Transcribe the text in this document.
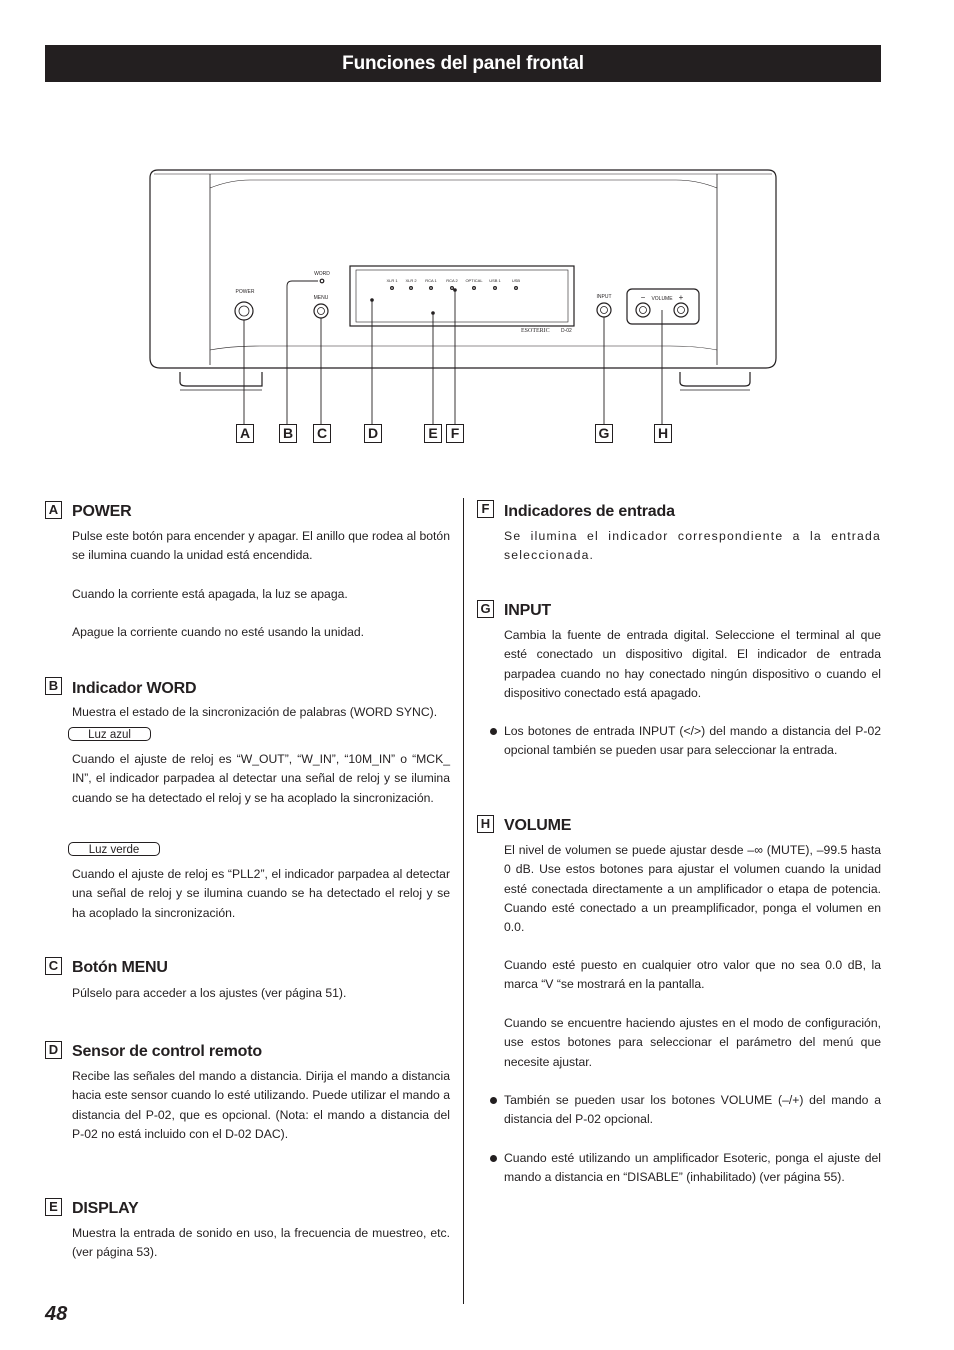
Funciones del panel frontal
WORD
POWER
MENU	INPUT	VOLUME
−	+
ESOTERIC D-02
XLR 1 XLR 2 RCA 1 RCA 2 OPTICAL USB 1	USB
A B C	D	E F	G	H
A POWER
Pulse este botón para encender y apagar. El anillo que rodea al botón se ilumina cuando la unidad está encendida.
Cuando la corriente está apagada, la luz se apaga.
Apague la corriente cuando no esté usando la unidad.
B Indicador WORD
Muestra el estado de la sincronización de palabras (WORD SYNC).
Luz azul
Cuando el ajuste de reloj es “W_OUT”, “W_IN”, “10M_IN” o “MCK_ IN”, el indicador parpadea al detectar una señal de reloj y se ilumina cuando se ha detectado el reloj y se ha acoplado la sincronización.
Luz verde
Cuando el ajuste de reloj es “PLL2”, el indicador parpadea al detectar una señal de reloj y se ilumina cuando se ha detectado el reloj y se ha acoplado la sincronización.
C Botón MENU
Púlselo para acceder a los ajustes (ver página 51).
D Sensor de control remoto
Recibe las señales del mando a distancia. Dirija el mando a distancia hacia este sensor cuando lo esté utilizando. Puede utilizar el mando a distancia del P-02, que es opcional. (Nota: el mando a distancia del P-02 no está incluido con el D-02 DAC).
E DISPLAY
Muestra la entrada de sonido en uso, la frecuencia de muestreo, etc. (ver página 53).
F Indicadores de entrada
Se ilumina el indicador correspondiente a la entrada seleccionada.
G INPUT
Cambia la fuente de entrada digital. Seleccione el terminal al que esté conectado un dispositivo digital. El indicador de entrada parpadea cuando no hay conectado ningún dispositivo o cuando el dispositivo conectado está apagado.
Los botones de entrada INPUT (</>) del mando a distancia del P-02 opcional también se pueden usar para seleccionar la entrada.
H VOLUME
El nivel de volumen se puede ajustar desde –∞ (MUTE), –99.5 hasta 0 dB. Use estos botones para ajustar el volumen cuando la unidad esté conectada directamente a un amplificador o etapa de potencia. Cuando esté conectado a un preamplificador, ponga el volumen en 0.0.
Cuando esté puesto en cualquier otro valor que no sea 0.0 dB, la marca “V “se mostrará en la pantalla.
Cuando se encuentre haciendo ajustes en el modo de configuración, use estos botones para seleccionar el parámetro del menú que necesite ajustar.
También se pueden usar los botones VOLUME (–/+) del mando a distancia del P-02 opcional.
Cuando esté utilizando un amplificador Esoteric, ponga el ajuste del mando a distancia en “DISABLE” (inhabilitado) (ver página 55).
48
